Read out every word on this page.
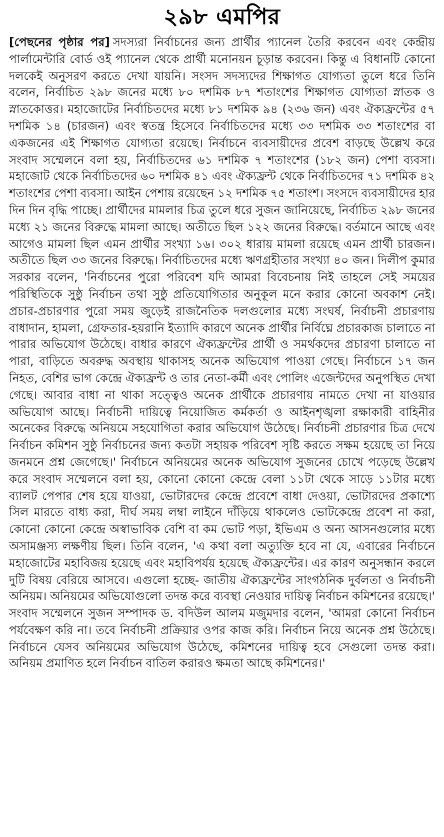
২৯৮ এমপির

[পেছনের পৃষ্ঠার পর] সদস্যরা নির্বাচনের জন্য প্রার্থীর প্যানেল তৈরি করবেন এবং কেন্দ্রীয় পার্লামেন্টারি বোর্ড ওই প্যানেল থেকে প্রার্থী মনোনয়ন চূড়ান্ত করবেন। কিন্তু এ বিধানটি কোনো দলকেই অনুসরণ করতে দেখা যায়নি। সংসদ সদস্যদের শিক্ষাগত যোগ্যতা তুলে ধরে তিনি বলেন, নির্বাচিত ২৯৮ জনের মধ্যে ৮০ দশমিক ৮৭ শতাংশের শিক্ষাগত যোগ্যতা স্নাতক ও স্নাতকোত্তর। মহাজোটের নির্বাচিতদের মধ্যে ৮১ দশমিক ৯৪ (২৩৬ জন) এবং ঐক্যফ্রন্টের ৫৭ দশমিক ১৪ (চারজন) এবং স্বতন্ত্র হিসেবে নির্বাচিতদের মধ্যে ৩৩ দশমিক ৩৩ শতাংশের বা একজনের এই শিক্ষাগত যোগ্যতা রয়েছে। নির্বাচনে ব্যবসায়ীদের প্রবেশ বাড়ছে উল্লেখ করে সংবাদ সম্মেলনে বলা হয়, নির্বাচিতদের ৬১ দশমিক ৭ শতাংশের (১৮২ জন) পেশা ব্যবসা। মহাজোট থেকে নির্বাচিতদের ৬০ দশমিক ৪১ এবং ঐক্যফ্রন্ট থেকে নির্বাচিতদের ৭১ দশমিক ৪২ শতাংশের পেশা ব্যবসা। আইন পেশায় রয়েছেন ১২ দশমিক ৭৫ শতাংশ। সংসদে ব্যবসায়ীদের হার দিন দিন বৃদ্ধি পাচ্ছে। প্রার্থীদের মামলার চিত্র তুলে ধরে সুজন জানিয়েছে, নির্বাচিত ২৯৮ জনের মধ্যে ২১ জনের বিরুদ্ধে মামলা আছে। অতীতে ছিল ১২২ জনের বিরুদ্ধে। বর্তমানে আছে এবং আগেও মামলা ছিল এমন প্রার্থীর সংখ্যা ১৬। ৩০২ ধারায় মামলা রয়েছে এমন প্রার্থী চারজন। অতীতে ছিল ৩৩ জনের বিরুদ্ধে। নির্বাচিতদের মধ্যে ঋণগ্রহীতার সংখ্যা ৪০ জন। দিলীপ কুমার সরকার বলেন, 'নির্বাচনের পুরো পরিবেশ যদি আমরা বিবেচনায় নিই তাহলে সেই সময়ের পরিস্থিতিকে সুষ্ঠু নির্বাচন তথা সুষ্ঠু প্রতিযোগিতার অনুকূল মনে করার কোনো অবকাশ নেই। প্রচার-প্রচারণার পুরো সময় জুড়েই রাজনৈতিক দলগুলোর মধ্যে সংঘর্ষ, নির্বাচনী প্রচারণায় বাধাদান, হামলা, গ্রেফতার-হয়রানি ইত্যাদি কারণে অনেক প্রার্থীর নির্বিঘ্নে প্রচারকাজ চালাতে না পারার অভিযোগ উঠেছে। বাধার কারণে ঐক্যফ্রন্টের প্রার্থী ও সমর্থকদের প্রচারণা চালাতে না পারা, বাড়িতে অবরুদ্ধ অবস্থায় থাকাসহ অনেক অভিযোগ পাওয়া গেছে। নির্বাচনে ১৭ জন নিহত, বেশির ভাগ কেন্দ্রে ঐক্যফ্রন্ট ও তার নেতা-কর্মী এবং পোলিং এজেন্টদের অনুপস্থিত দেখা গেছে। আবার বাধা না থাকা সত্ত্বেও অনেক প্রার্থীকে প্রচারণায় নামতে দেখা না যাওয়ার অভিযোগ আছে। নির্বাচনী দায়িত্বে নিয়োজিত কর্মকর্তা ও আইনশৃঙ্খলা রক্ষাকারী বাহিনীর অনেকের বিরুদ্ধে অনিয়মে সহযোগিতা করার অভিযোগ উঠেছে। নির্বাচনী প্রচারণার চিত্র দেখে নির্বাচন কমিশন সুষ্ঠু নির্বাচনের জন্য কতটা সহায়ক পরিবেশ সৃষ্টি করতে সক্ষম হয়েছে তা নিয়ে জনমনে প্রশ্ন জেগেছে।' নির্বাচনে অনিয়মের অনেক অভিযোগ সুজনের চোখে পড়েছে উল্লেখ করে সংবাদ সম্মেলনে বলা হয়, কোনো কোনো কেন্দ্রে বেলা ১১টা থেকে সাড়ে ১১টার মধ্যে ব্যালট পেপার শেষ হয়ে যাওয়া, ভোটারদের কেন্দ্রে প্রবেশে বাধা দেওয়া, ভোটারদের প্রকাশ্যে সিল মারতে বাধ্য করা, দীর্ঘ সময় লম্বা লাইনে দাঁড়িয়ে থাকলেও ভোটকেন্দ্রে প্রবেশ না করা, কোনো কোনো কেন্দ্রে অস্বাভাবিক বেশি বা কম ভোট পড়া, ইভিএম ও অন্য আসনগুলোর মধ্যে অসামঞ্জস্য লক্ষণীয় ছিল। তিনি বলেন, 'এ কথা বলা অত্যুক্তি হবে না যে, এবারের নির্বাচনে মহাজোটের মহাবিজয় হয়েছে এবং মহাবিপর্যয় হয়েছে ঐক্যফ্রন্টের। এর কারণ অনুসন্ধান করলে দুটি বিষয় বেরিয়ে আসবে। এগুলো হচ্ছে- জাতীয় ঐক্যফ্রন্টের সাংগঠনিক দুর্বলতা ও নির্বাচনী অনিয়ম। অনিয়মের অভিযোগুলো তদন্ত করে ব্যবস্থা নেওয়ার দায়িত্ব নির্বাচন কমিশনের রয়েছে।' সংবাদ সম্মেলনে সুজন সম্পাদক ড. বদিউল আলম মজুমদার বলেন, 'আমরা কোনো নির্বাচন পর্যবেক্ষণ করি না। তবে নির্বাচনী প্রক্রিয়ার ওপর কাজ করি। নির্বাচন নিয়ে অনেক প্রশ্ন উঠেছে। নির্বাচনে যেসব অনিয়মের অভিযোগ উঠেছে, কমিশনের দায়িত্ব হবে সেগুলো তদন্ত করা। অনিয়ম প্রমাণিত হলে নির্বাচন বাতিল করারও ক্ষমতা আছে কমিশনের।'
